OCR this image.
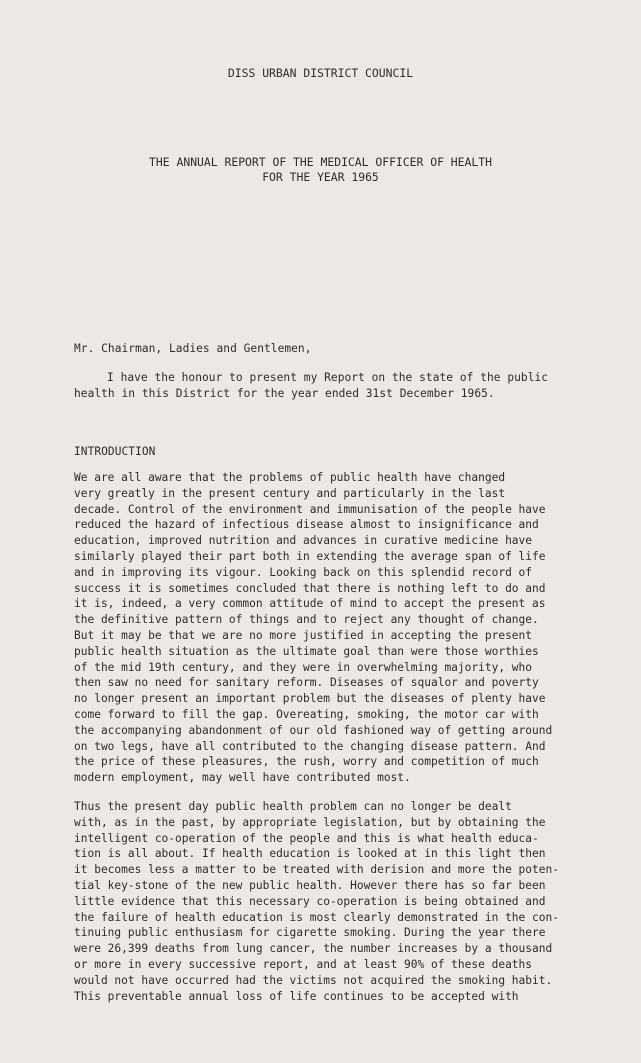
DISS URBAN DISTRICT COUNCIL
THE ANNUAL REPORT OF THE MEDICAL OFFICER OF HEALTH
FOR THE YEAR 1965
Mr. Chairman, Ladies and Gentlemen,
I have the honour to present my Report on the state of the public
health in this District for the year ended 31st December 1965.
INTRODUCTION
We are all aware that the problems of public health have changed
very greatly in the present century and particularly in the last
decade. Control of the environment and immunisation of the people have
reduced the hazard of infectious disease almost to insignificance and
education, improved nutrition and advances in curative medicine have
similarly played their part both in extending the average span of life
and in improving its vigour. Looking back on this splendid record of
success it is sometimes concluded that there is nothing left to do and
it is, indeed, a very common attitude of mind to accept the present as
the definitive pattern of things and to reject any thought of change.
But it may be that we are no more justified in accepting the present
public health situation as the ultimate goal than were those worthies
of the mid 19th century, and they were in overwhelming majority, who
then saw no need for sanitary reform. Diseases of squalor and poverty
no longer present an important problem but the diseases of plenty have
come forward to fill the gap. Overeating, smoking, the motor car with
the accompanying abandonment of our old fashioned way of getting around
on two legs, have all contributed to the changing disease pattern. And
the price of these pleasures, the rush, worry and competition of much
modern employment, may well have contributed most.
Thus the present day public health problem can no longer be dealt
with, as in the past, by appropriate legislation, but by obtaining the
intelligent co-operation of the people and this is what health educa-
tion is all about. If health education is looked at in this light then
it becomes less a matter to be treated with derision and more the poten-
tial key-stone of the new public health. However there has so far been
little evidence that this necessary co-operation is being obtained and
the failure of health education is most clearly demonstrated in the con-
tinuing public enthusiasm for cigarette smoking. During the year there
were 26,399 deaths from lung cancer, the number increases by a thousand
or more in every successive report, and at least 90% of these deaths
would not have occurred had the victims not acquired the smoking habit.
This preventable annual loss of life continues to be accepted with
